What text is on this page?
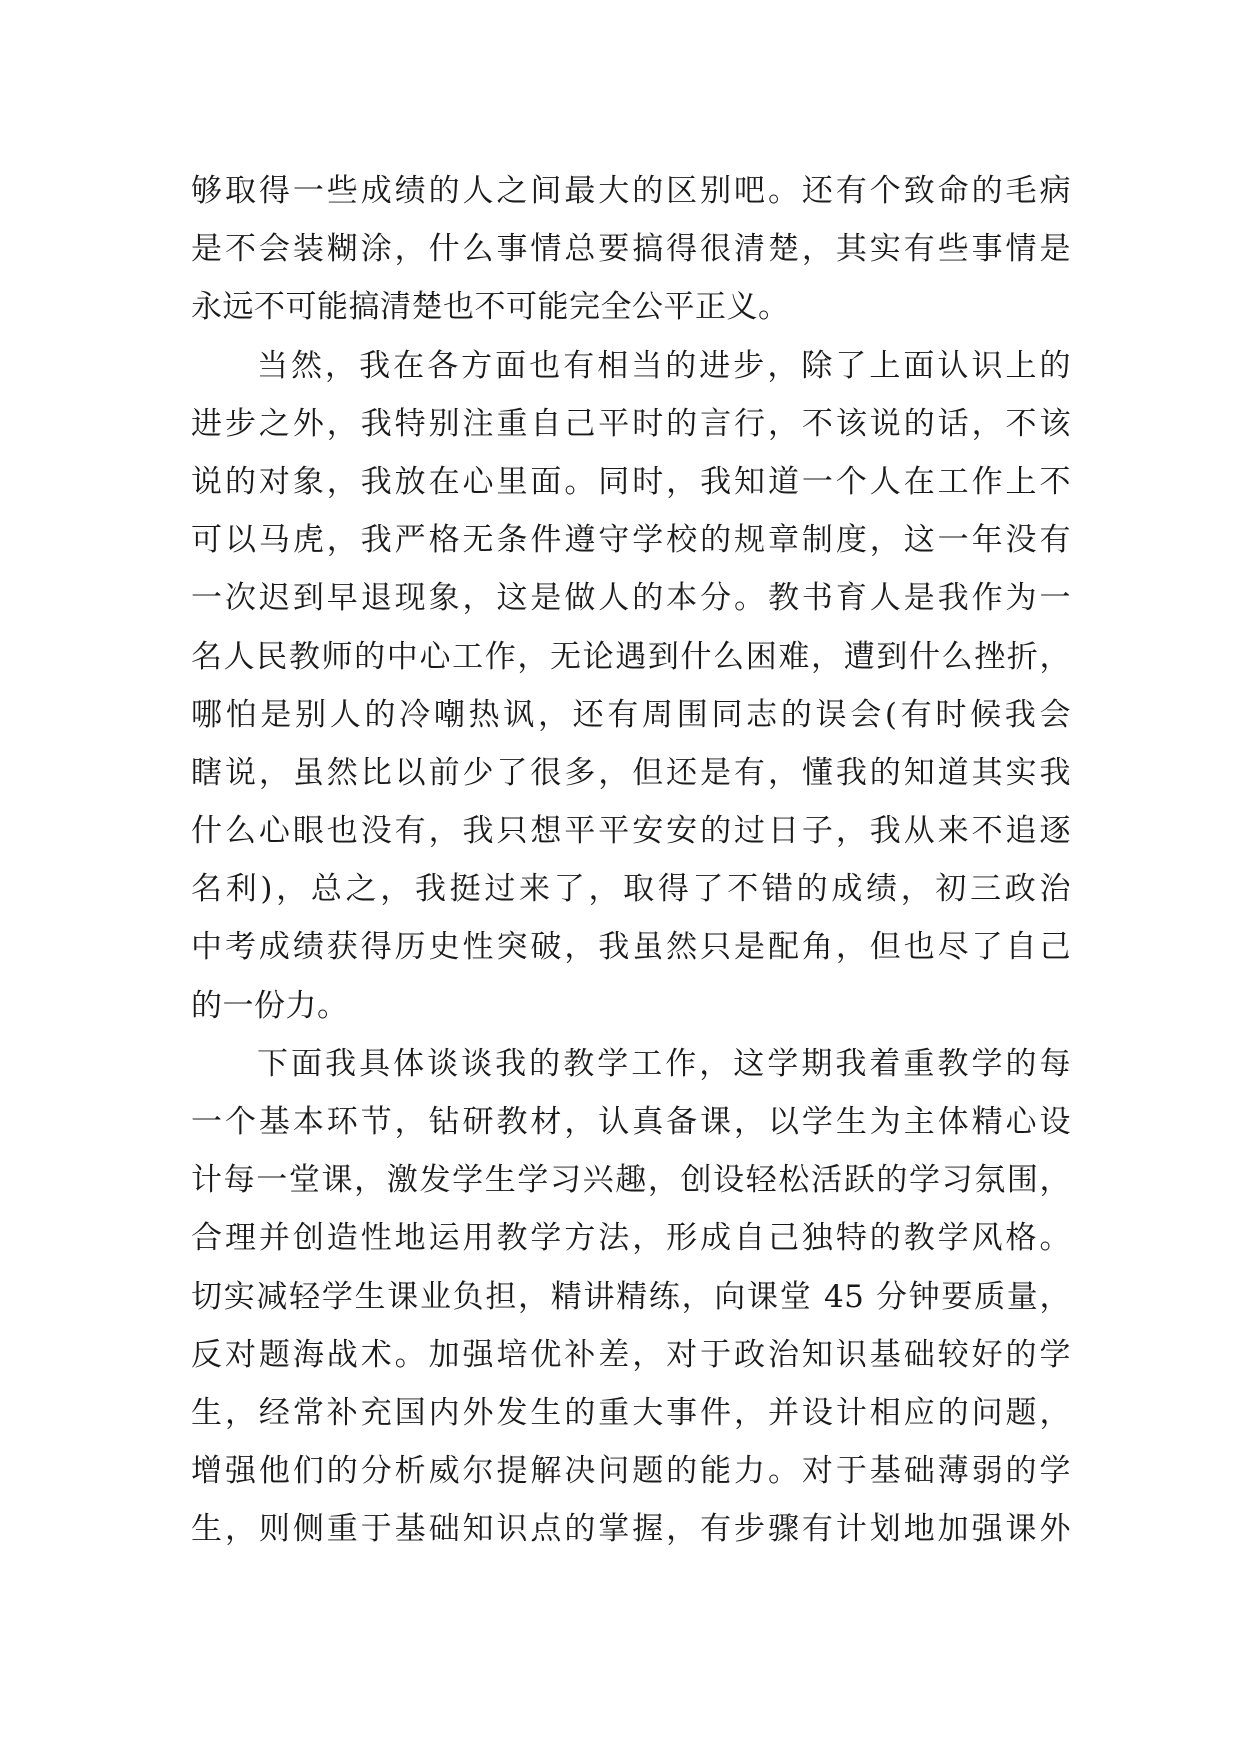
够取得一些成绩的人之间最大的区别吧。还有个致命的毛病
是不会装糊涂，什么事情总要搞得很清楚，其实有些事情是
永远不可能搞清楚也不可能完全公平正义。
当然，我在各方面也有相当的进步，除了上面认识上的
进步之外，我特别注重自己平时的言行，不该说的话，不该
说的对象，我放在心里面。同时，我知道一个人在工作上不
可以马虎，我严格无条件遵守学校的规章制度，这一年没有
一次迟到早退现象，这是做人的本分。教书育人是我作为一
名人民教师的中心工作，无论遇到什么困难，遭到什么挫折，
哪怕是别人的冷嘲热讽，还有周围同志的误会(有时候我会
瞎说，虽然比以前少了很多，但还是有，懂我的知道其实我
什么心眼也没有，我只想平平安安的过日子，我从来不追逐
名利)，总之，我挺过来了，取得了不错的成绩，初三政治
中考成绩获得历史性突破，我虽然只是配角，但也尽了自己
的一份力。
下面我具体谈谈我的教学工作，这学期我着重教学的每
一个基本环节，钻研教材，认真备课，以学生为主体精心设
计每一堂课，激发学生学习兴趣，创设轻松活跃的学习氛围，
合理并创造性地运用教学方法，形成自己独特的教学风格。
切实减轻学生课业负担，精讲精练，向课堂 45 分钟要质量，
反对题海战术。加强培优补差，对于政治知识基础较好的学
生，经常补充国内外发生的重大事件，并设计相应的问题，
增强他们的分析威尔提解决问题的能力。对于基础薄弱的学
生，则侧重于基础知识点的掌握，有步骤有计划地加强课外
